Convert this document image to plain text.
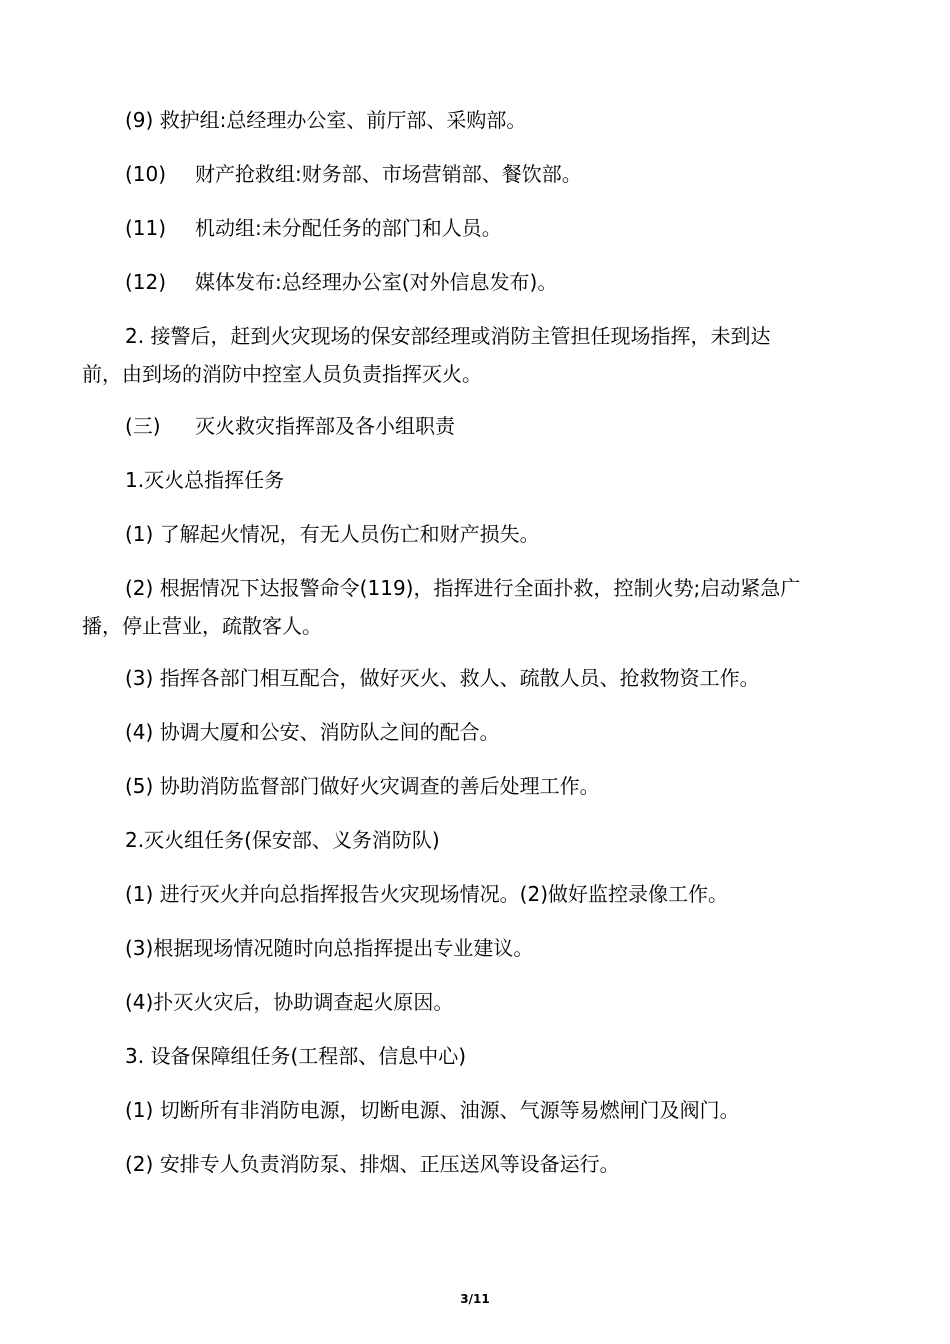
(9) 救护组:总经理办公室、前厅部、采购部。
(10) 财产抢救组:财务部、市场营销部、餐饮部。
(11) 机动组:未分配任务的部门和人员。
(12) 媒体发布:总经理办公室(对外信息发布)。
2. 接警后，赶到火灾现场的保安部经理或消防主管担任现场指挥，未到达
前，由到场的消防中控室人员负责指挥灭火。
(三) 灭火救灾指挥部及各小组职责
1.灭火总指挥任务
(1) 了解起火情况，有无人员伤亡和财产损失。
(2) 根据情况下达报警命令(119)，指挥进行全面扑救，控制火势;启动紧急广
播，停止营业，疏散客人。
(3) 指挥各部门相互配合，做好灭火、救人、疏散人员、抢救物资工作。
(4) 协调大厦和公安、消防队之间的配合。
(5) 协助消防监督部门做好火灾调查的善后处理工作。
2.灭火组任务(保安部、义务消防队)
(1) 进行灭火并向总指挥报告火灾现场情况。(2)做好监控录像工作。
(3)根据现场情况随时向总指挥提出专业建议。
(4)扑灭火灾后，协助调查起火原因。
3. 设备保障组任务(工程部、信息中心)
(1) 切断所有非消防电源，切断电源、油源、气源等易燃闸门及阀门。
(2) 安排专人负责消防泵、排烟、正压送风等设备运行。
3/11
